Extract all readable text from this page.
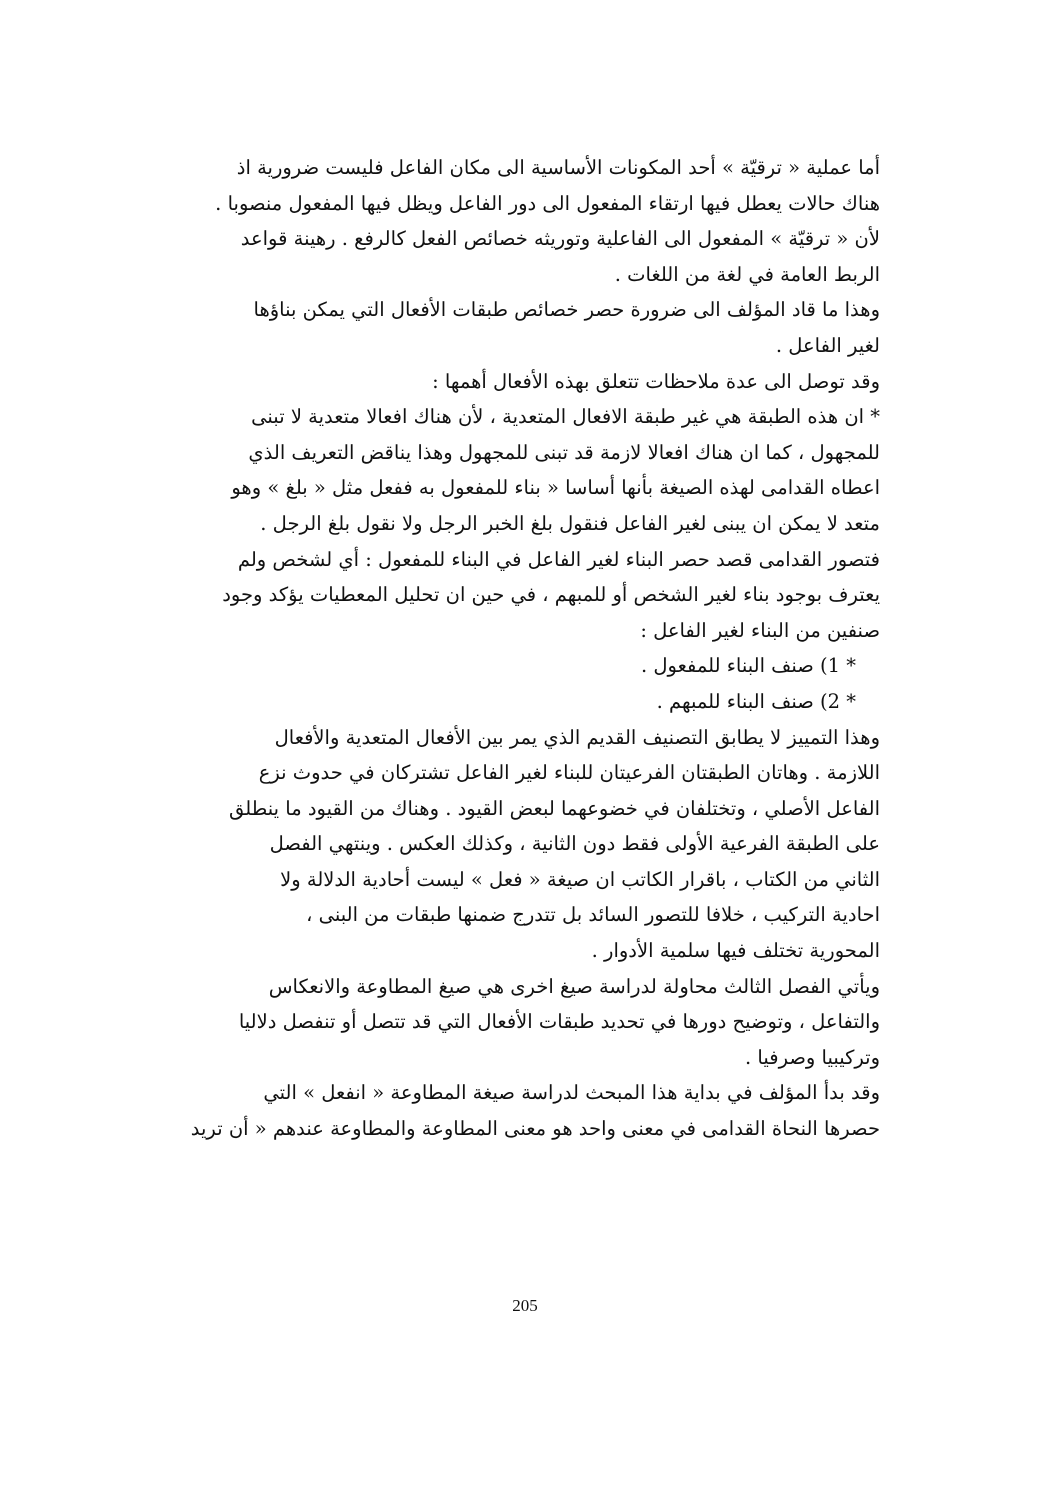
أما عملية « ترقيّة » أحد المكونات الأساسية الى مكان الفاعل فليست ضرورية اذ
هناك حالات يعطل فيها ارتقاء المفعول الى دور الفاعل ويظل فيها المفعول منصوبا .
لأن « ترقيّة » المفعول الى الفاعلية وتوريثه خصائص الفعل كالرفع . رهينة قواعد
الربط العامة في لغة من اللغات .
وهذا ما قاد المؤلف الى ضرورة حصر خصائص طبقات الأفعال التي يمكن بناؤها
لغير الفاعل .
وقد توصل الى عدة ملاحظات تتعلق بهذه الأفعال أهمها :
* ان هذه الطبقة هي غير طبقة الافعال المتعدية ، لأن هناك افعالا متعدية لا تبنى
للمجهول ، كما ان هناك افعالا لازمة قد تبنى للمجهول وهذا يناقض التعريف الذي
اعطاه القدامى لهذه الصيغة بأنها أساسا « بناء للمفعول به ففعل مثل « بلغ » وهو
متعد لا يمكن ان يبنى لغير الفاعل فنقول بلغ الخبر الرجل ولا نقول بلغ الرجل .
فتصور القدامى قصد حصر البناء لغير الفاعل في البناء للمفعول : أي لشخص ولم
يعترف بوجود بناء لغير الشخص أو للمبهم ، في حين ان تحليل المعطيات يؤكد وجود
صنفين من البناء لغير الفاعل :
* 1) صنف البناء للمفعول .
* 2) صنف البناء للمبهم .
وهذا التمييز لا يطابق التصنيف القديم الذي يمر بين الأفعال المتعدية والأفعال
اللازمة . وهاتان الطبقتان الفرعيتان للبناء لغير الفاعل تشتركان في حدوث نزع
الفاعل الأصلي ، وتختلفان في خضوعهما لبعض القيود . وهناك من القيود ما ينطلق
على الطبقة الفرعية الأولى فقط دون الثانية ، وكذلك العكس . وينتهي الفصل
الثاني من الكتاب ، باقرار الكاتب ان صيغة « فعل » ليست أحادية الدلالة ولا
احادية التركيب ، خلافا للتصور السائد بل تتدرج ضمنها طبقات من البنى ،
المحورية تختلف فيها سلمية الأدوار .
ويأتي الفصل الثالث محاولة لدراسة صيغ اخرى هي صيغ المطاوعة والانعكاس
والتفاعل ، وتوضيح دورها في تحديد طبقات الأفعال التي قد تتصل أو تنفصل دلاليا
وتركيبيا وصرفيا .
وقد بدأ المؤلف في بداية هذا المبحث لدراسة صيغة المطاوعة « انفعل » التي
حصرها النحاة القدامى في معنى واحد هو معنى المطاوعة والمطاوعة عندهم « أن تريد
205
